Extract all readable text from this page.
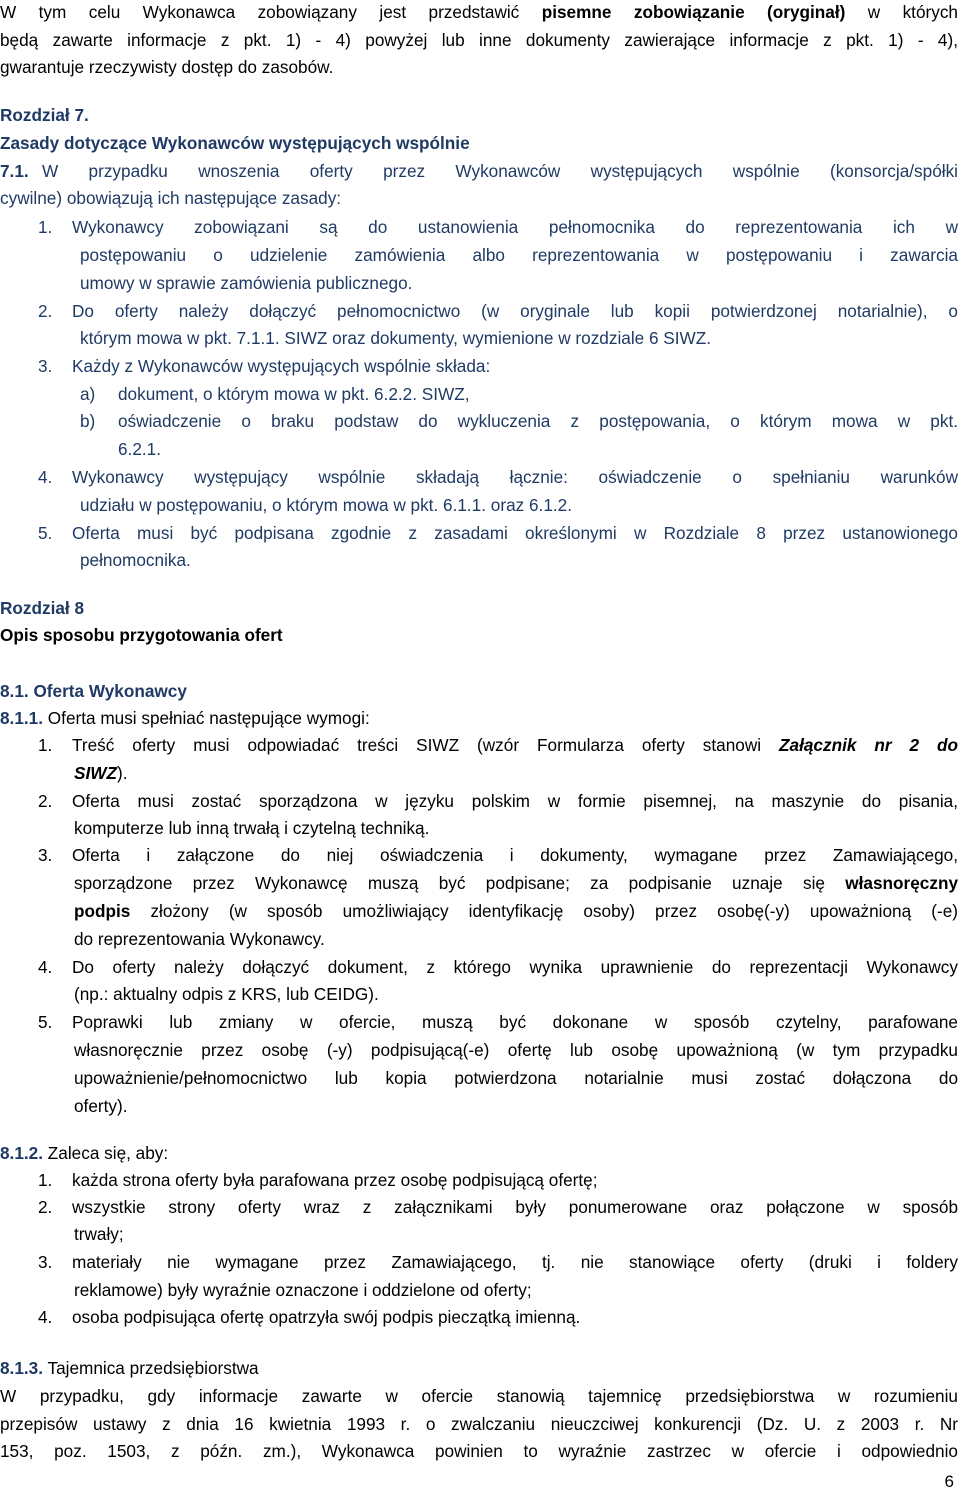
W tym celu Wykonawca zobowiązany jest przedstawić pisemne zobowiązanie (oryginał) w których
będą zawarte informacje z pkt. 1) - 4) powyżej lub inne dokumenty zawierające informacje z pkt. 1) - 4),
gwarantuje rzeczywisty dostęp do zasobów.
Rozdział 7.
Zasady dotyczące Wykonawców występujących wspólnie
7.1. W przypadku wnoszenia oferty przez Wykonawców występujących wspólnie (konsorcja/spółki
cywilne) obowiązują ich następujące zasady:
1. Wykonawcy zobowiązani są do ustanowienia pełnomocnika do reprezentowania ich w
postępowaniu o udzielenie zamówienia albo reprezentowania w postępowaniu i zawarcia
umowy w sprawie zamówienia publicznego.
2. Do oferty należy dołączyć pełnomocnictwo (w oryginale lub kopii potwierdzonej notarialnie), o
którym mowa w pkt. 7.1.1. SIWZ oraz dokumenty, wymienione w rozdziale 6 SIWZ.
3. Każdy z Wykonawców występujących wspólnie składa:
a) dokument, o którym mowa w pkt. 6.2.2. SIWZ,
b) oświadczenie o braku podstaw do wykluczenia z postępowania, o którym mowa w pkt.
6.2.1.
4. Wykonawcy występujący wspólnie składają łącznie: oświadczenie o spełnianiu warunków
udziału w postępowaniu, o którym mowa w pkt. 6.1.1. oraz 6.1.2.
5. Oferta musi być podpisana zgodnie z zasadami określonymi w Rozdziale 8 przez ustanowionego
pełnomocnika.
Rozdział 8
Opis sposobu przygotowania ofert
8.1. Oferta Wykonawcy
8.1.1. Oferta musi spełniać następujące wymogi:
1. Treść oferty musi odpowiadać treści SIWZ (wzór Formularza oferty stanowi Załącznik nr 2 do
SIWZ).
2. Oferta musi zostać sporządzona w języku polskim w formie pisemnej, na maszynie do pisania,
komputerze lub inną trwałą i czytelną techniką.
3. Oferta i załączone do niej oświadczenia i dokumenty, wymagane przez Zamawiającego,
sporządzone przez Wykonawcę muszą być podpisane; za podpisanie uznaje się własnoręczny
podpis złożony (w sposób umożliwiający identyfikację osoby) przez osobę(-y) upoważnioną (-e)
do reprezentowania Wykonawcy.
4. Do oferty należy dołączyć dokument, z którego wynika uprawnienie do reprezentacji Wykonawcy
(np.: aktualny odpis z KRS, lub CEIDG).
5. Poprawki lub zmiany w ofercie, muszą być dokonane w sposób czytelny, parafowane
własnoręcznie przez osobę (-y) podpisującą(-e) ofertę lub osobę upoważnioną (w tym przypadku
upoważnienie/pełnomocnictwo lub kopia potwierdzona notarialnie musi zostać dołączona do
oferty).
8.1.2. Zaleca się, aby:
1. każda strona oferty była parafowana przez osobę podpisującą ofertę;
2. wszystkie strony oferty wraz z załącznikami były ponumerowane oraz połączone w sposób
trwały;
3. materiały nie wymagane przez Zamawiającego, tj. nie stanowiące oferty (druki i foldery
reklamowe) były wyraźnie oznaczone i oddzielone od oferty;
4. osoba podpisująca ofertę opatrzyła swój podpis pieczątką imienną.
8.1.3. Tajemnica przedsiębiorstwa
W przypadku, gdy informacje zawarte w ofercie stanowią tajemnicę przedsiębiorstwa w rozumieniu
przepisów ustawy z dnia 16 kwietnia 1993 r. o zwalczaniu nieuczciwej konkurencji (Dz. U. z 2003 r. Nr
153, poz. 1503, z późn. zm.), Wykonawca powinien to wyraźnie zastrzec w ofercie i odpowiednio
6
